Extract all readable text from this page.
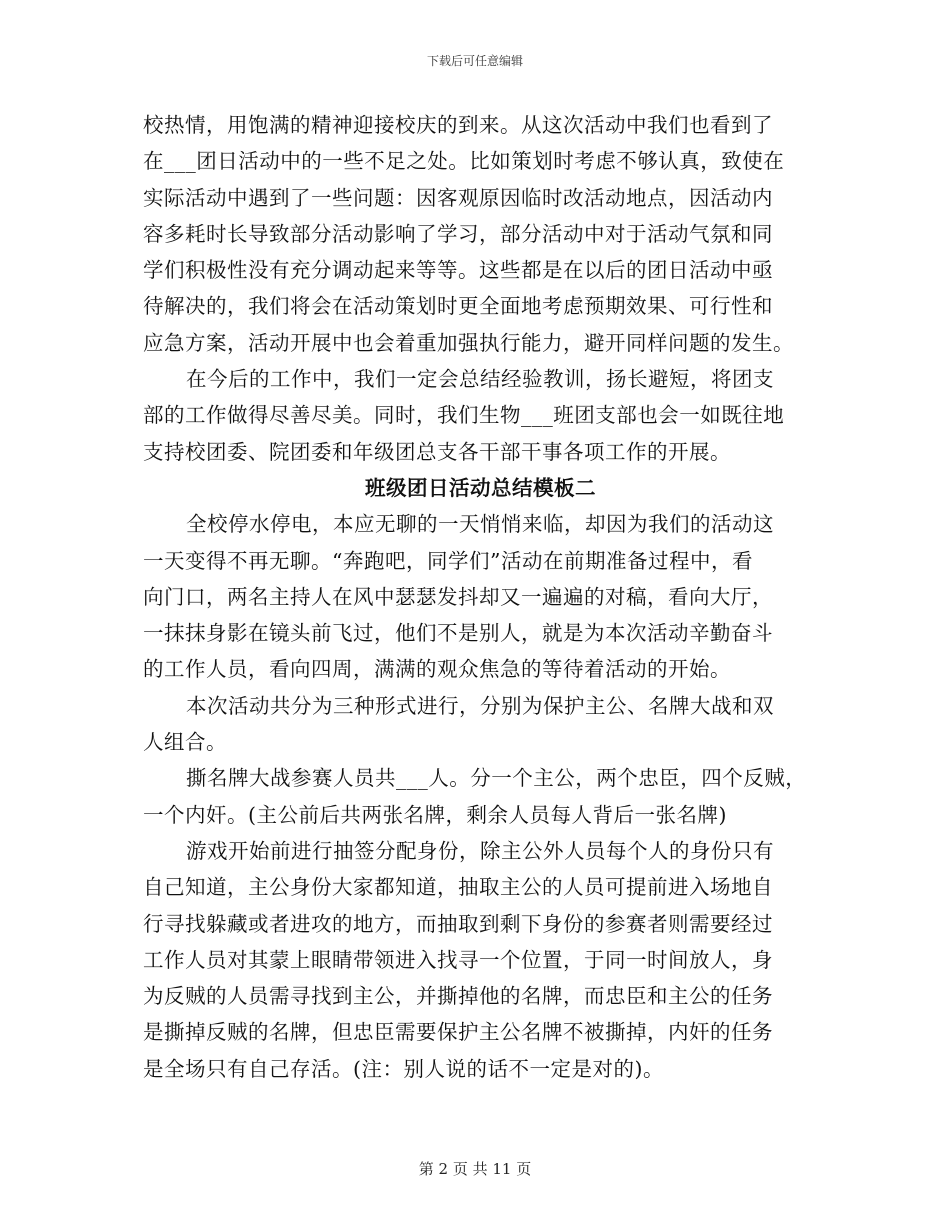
下载后可任意编辑

校热情，用饱满的精神迎接校庆的到来。从这次活动中我们也看到了

在___团日活动中的一些不足之处。比如策划时考虑不够认真，致使在

实际活动中遇到了一些问题：因客观原因临时改活动地点，因活动内

容多耗时长导致部分活动影响了学习，部分活动中对于活动气氛和同

学们积极性没有充分调动起来等等。这些都是在以后的团日活动中亟

待解决的，我们将会在活动策划时更全面地考虑预期效果、可行性和

应急方案，活动开展中也会着重加强执行能力，避开同样问题的发生。

在今后的工作中，我们一定会总结经验教训，扬长避短，将团支

部的工作做得尽善尽美。同时，我们生物___班团支部也会一如既往地

支持校团委、院团委和年级团总支各干部干事各项工作的开展。

班级团日活动总结模板二

全校停水停电，本应无聊的一天悄悄来临，却因为我们的活动这

一天变得不再无聊。“奔跑吧，同学们”活动在前期准备过程中，看

向门口，两名主持人在风中瑟瑟发抖却又一遍遍的对稿，看向大厅，

一抹抹身影在镜头前飞过，他们不是别人，就是为本次活动辛勤奋斗

的工作人员，看向四周，满满的观众焦急的等待着活动的开始。

本次活动共分为三种形式进行，分别为保护主公、名牌大战和双

人组合。

撕名牌大战参赛人员共___人。分一个主公，两个忠臣，四个反贼，

一个内奸。(主公前后共两张名牌，剩余人员每人背后一张名牌)

游戏开始前进行抽签分配身份，除主公外人员每个人的身份只有

自己知道，主公身份大家都知道，抽取主公的人员可提前进入场地自

行寻找躲藏或者进攻的地方，而抽取到剩下身份的参赛者则需要经过

工作人员对其蒙上眼睛带领进入找寻一个位置，于同一时间放人，身

为反贼的人员需寻找到主公，并撕掉他的名牌，而忠臣和主公的任务

是撕掉反贼的名牌，但忠臣需要保护主公名牌不被撕掉，内奸的任务

是全场只有自己存活。(注：别人说的话不一定是对的)。

第 2 页 共 11 页
